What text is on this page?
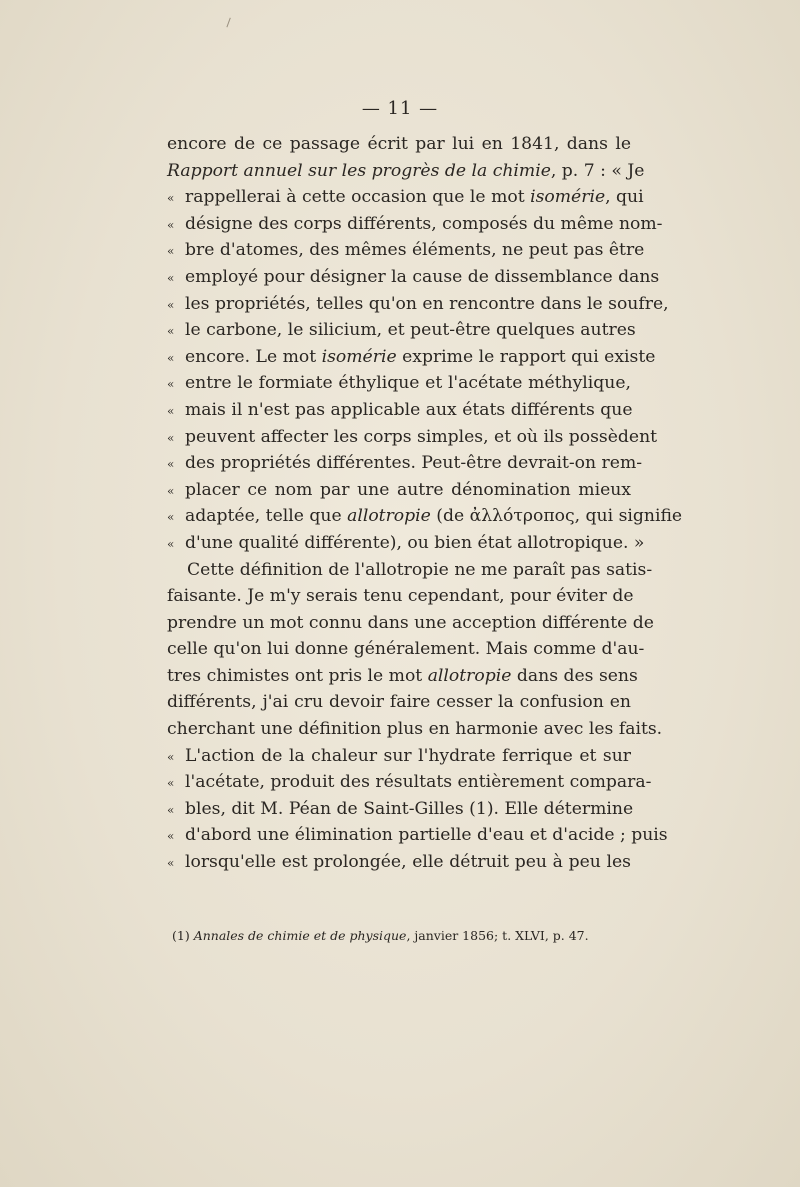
— 11 —
encore de ce passage écrit par lui en 1841, dans le
Rapport annuel sur les progrès de la chimie, p. 7 : « Je
« rappellerai à cette occasion que le mot isomérie, qui
« désigne des corps différents, composés du même nom-
« bre d'atomes, des mêmes éléments, ne peut pas être
« employé pour désigner la cause de dissemblance dans
« les propriétés, telles qu'on en rencontre dans le soufre,
« le carbone, le silicium, et peut-être quelques autres
« encore. Le mot isomérie exprime le rapport qui existe
« entre le formiate éthylique et l'acétate méthylique,
« mais il n'est pas applicable aux états différents que
« peuvent affecter les corps simples, et où ils possèdent
« des propriétés différentes. Peut-être devrait-on rem-
« placer ce nom par une autre dénomination mieux
« adaptée, telle que allotropie (de ἀλλότροπος, qui signifie
« d'une qualité différente), ou bien état allotropique. »
Cette définition de l'allotropie ne me paraît pas satis-
faisante. Je m'y serais tenu cependant, pour éviter de
prendre un mot connu dans une acception différente de
celle qu'on lui donne généralement. Mais comme d'au-
tres chimistes ont pris le mot allotropie dans des sens
différents, j'ai cru devoir faire cesser la confusion en
cherchant une définition plus en harmonie avec les faits.
« L'action de la chaleur sur l'hydrate ferrique et sur
« l'acétate, produit des résultats entièrement compara-
« bles, dit M. Péan de Saint-Gilles (1). Elle détermine
« d'abord une élimination partielle d'eau et d'acide ; puis
« lorsqu'elle est prolongée, elle détruit peu à peu les
(1) Annales de chimie et de physique, janvier 1856; t. XLVI, p. 47.
